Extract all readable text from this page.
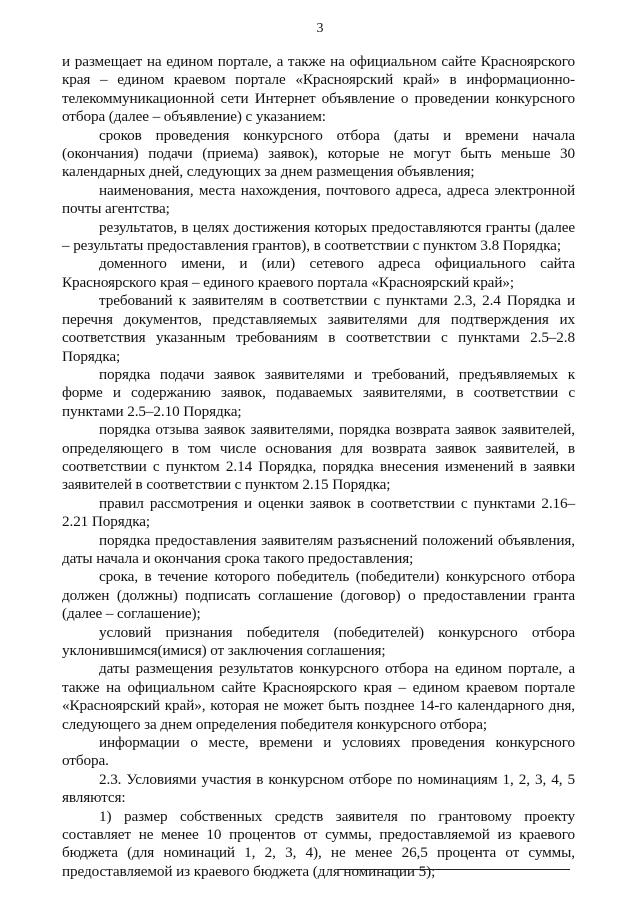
3

и размещает на едином портале, а также на официальном сайте Красноярского края – едином краевом портале «Красноярский край» в информационно-телекоммуникационной сети Интернет объявление о проведении конкурсного отбора (далее – объявление) с указанием:

сроков проведения конкурсного отбора (даты и времени начала (окончания) подачи (приема) заявок), которые не могут быть меньше 30 календарных дней, следующих за днем размещения объявления;

наименования, места нахождения, почтового адреса, адреса электронной почты агентства;

результатов, в целях достижения которых предоставляются гранты (далее – результаты предоставления грантов), в соответствии с пунктом 3.8 Порядка;

доменного имени, и (или) сетевого адреса официального сайта Красноярского края – единого краевого портала «Красноярский край»;

требований к заявителям в соответствии с пунктами 2.3, 2.4 Порядка и перечня документов, представляемых заявителями для подтверждения их соответствия указанным требованиям в соответствии с пунктами 2.5–2.8 Порядка;

порядка подачи заявок заявителями и требований, предъявляемых к форме и содержанию заявок, подаваемых заявителями, в соответствии с пунктами 2.5–2.10 Порядка;

порядка отзыва заявок заявителями, порядка возврата заявок заявителей, определяющего в том числе основания для возврата заявок заявителей, в соответствии с пунктом 2.14 Порядка, порядка внесения изменений в заявки заявителей в соответствии с пунктом 2.15 Порядка;

правил рассмотрения и оценки заявок в соответствии с пунктами 2.16–2.21 Порядка;

порядка предоставления заявителям разъяснений положений объявления, даты начала и окончания срока такого предоставления;

срока, в течение которого победитель (победители) конкурсного отбора должен (должны) подписать соглашение (договор) о предоставлении гранта (далее – соглашение);

условий признания победителя (победителей) конкурсного отбора уклонившимся(имися) от заключения соглашения;

даты размещения результатов конкурсного отбора на едином портале, а также на официальном сайте Красноярского края – едином краевом портале «Красноярский край», которая не может быть позднее 14-го календарного дня, следующего за днем определения победителя конкурсного отбора;

информации о месте, времени и условиях проведения конкурсного отбора.

2.3. Условиями участия в конкурсном отборе по номинациям 1, 2, 3, 4, 5 являются:

1) размер собственных средств заявителя по грантовому проекту составляет не менее 10 процентов от суммы, предоставляемой из краевого бюджета (для номинаций 1, 2, 3, 4), не менее 26,5 процента от суммы, предоставляемой из краевого бюджета (для номинации 5);
